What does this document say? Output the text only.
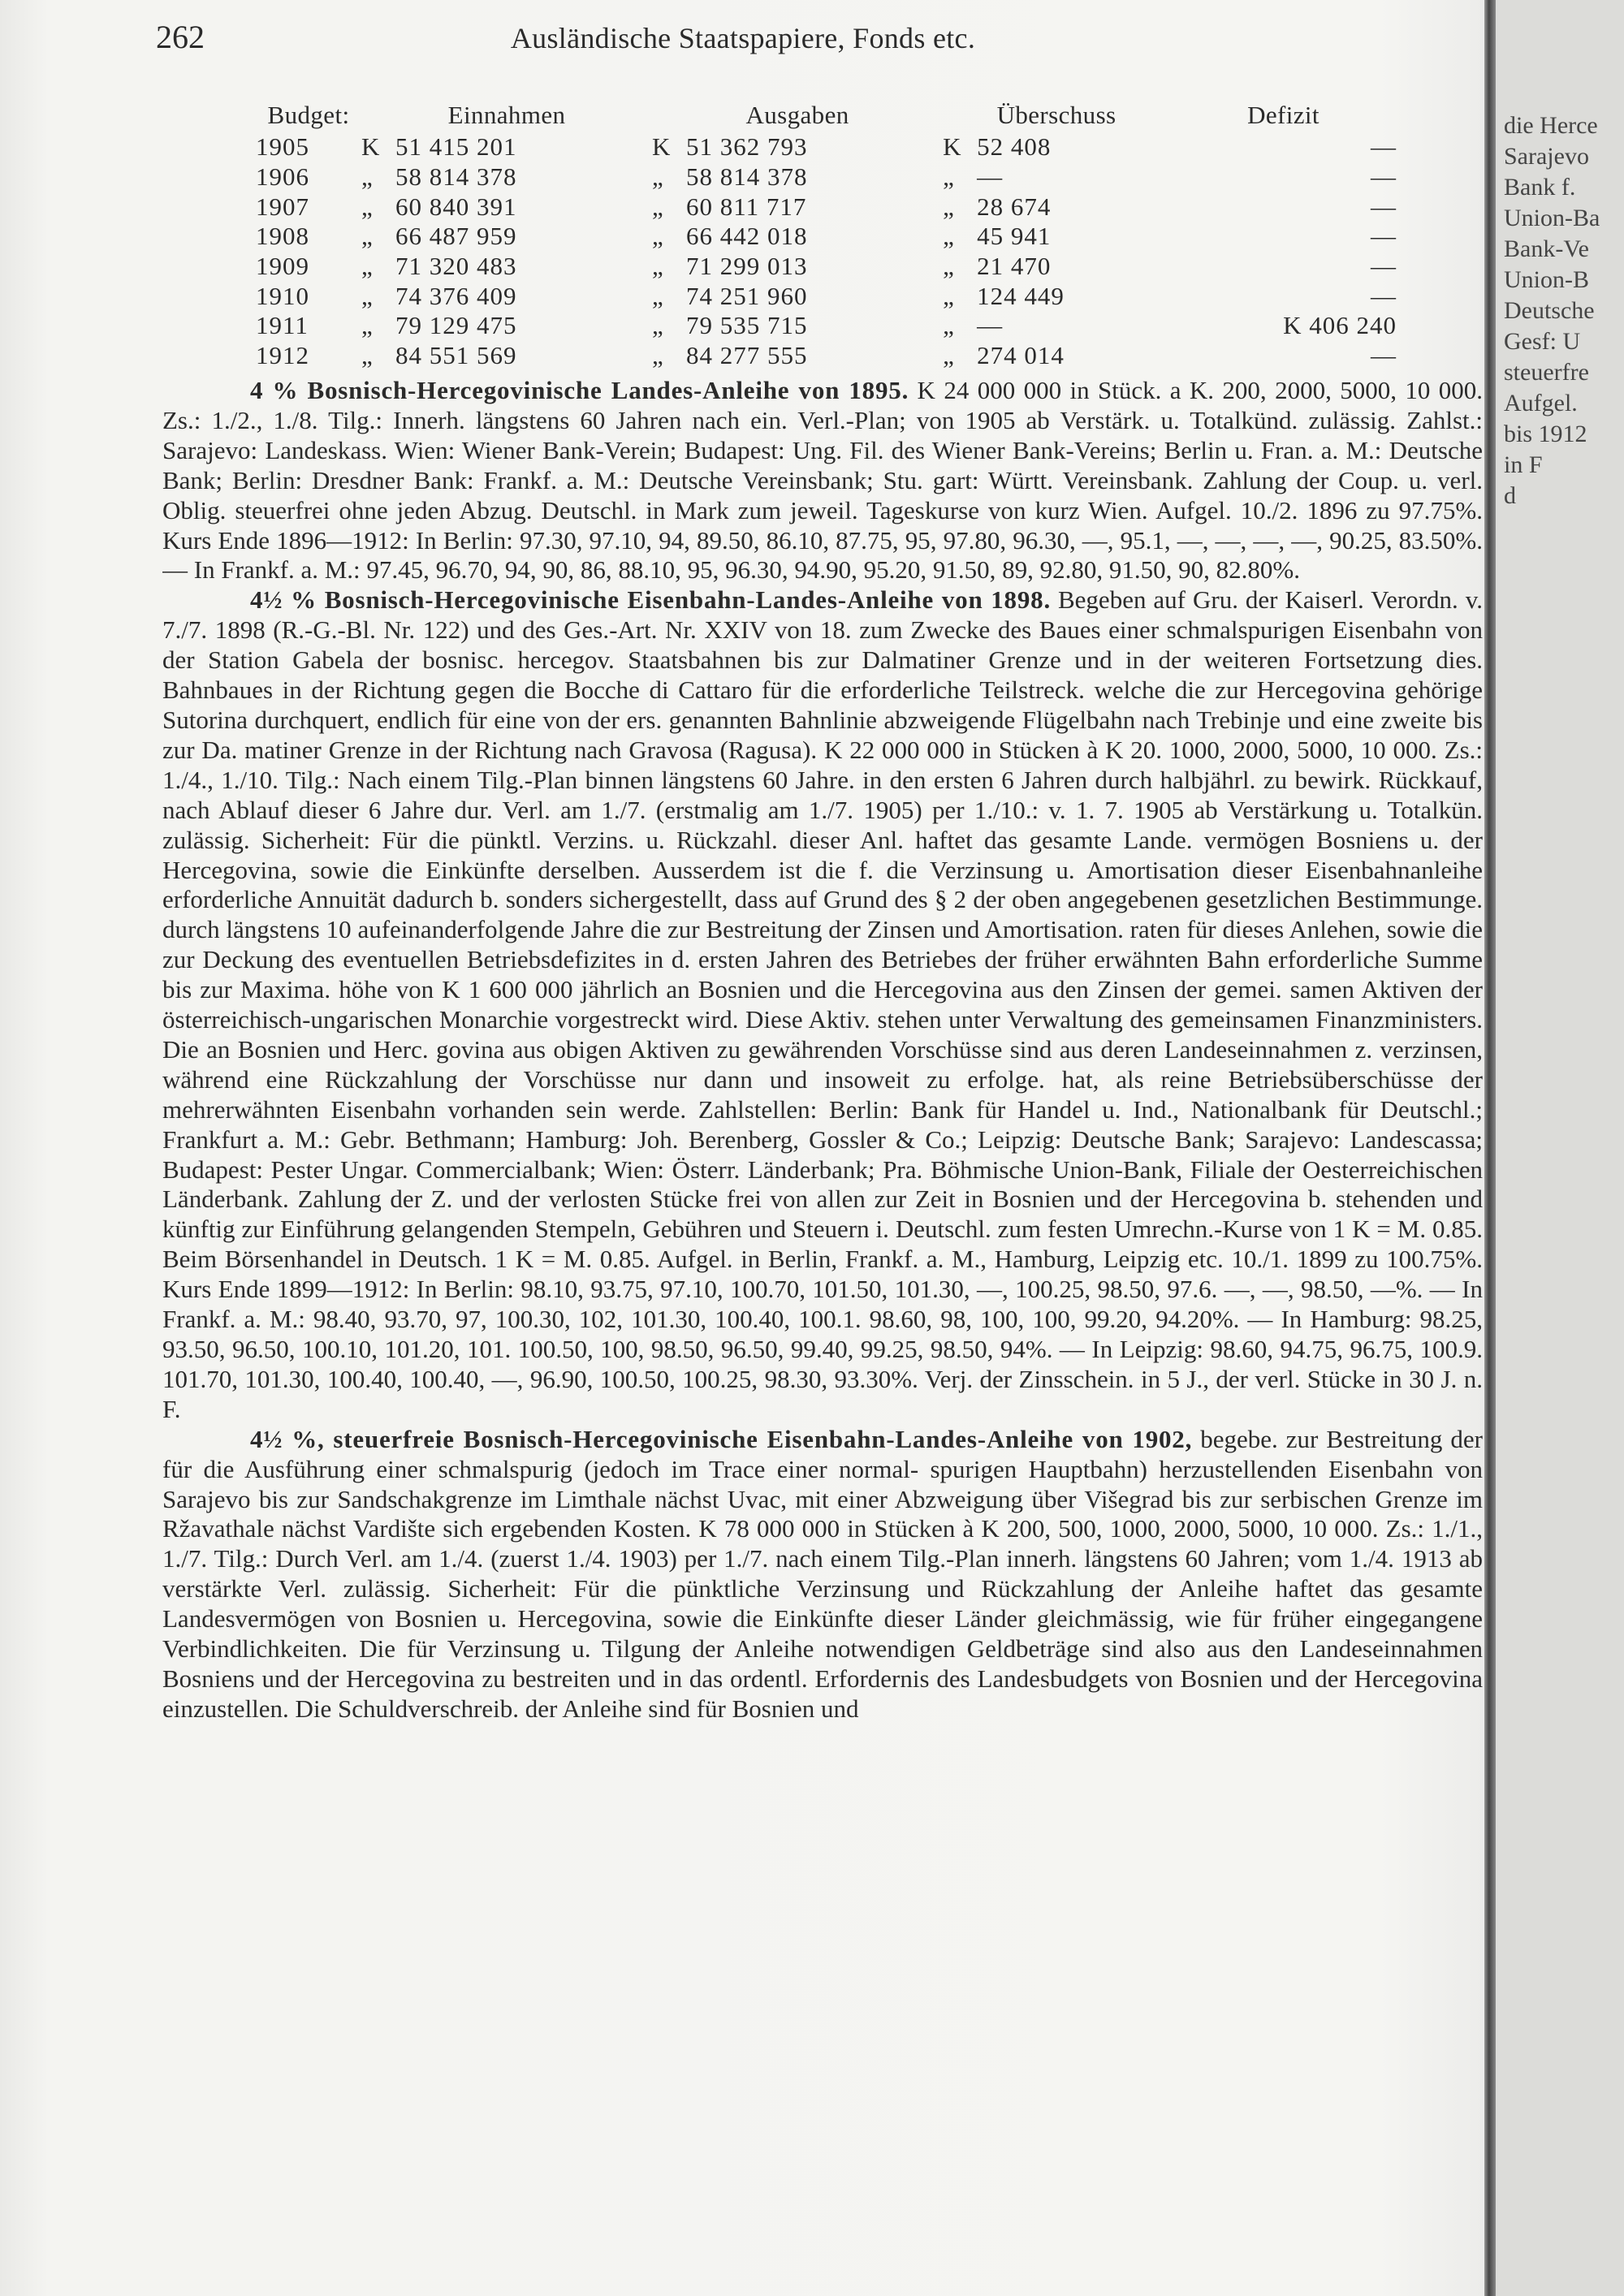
262	Ausländische Staatspapiere, Fonds etc.
Budget:	Einnahmen	Ausgaben	Überschuss	Defizit
1905	K 51 415 201	K 51 362 793	K 52 408	—
1906	„ 58 814 378	„ 58 814 378	„ —	—
1907	„ 60 840 391	„ 60 811 717	„ 28 674	—
1908	„ 66 487 959	„ 66 442 018	„ 45 941	—
1909	„ 71 320 483	„ 71 299 013	„ 21 470	—
1910	„ 74 376 409	„ 74 251 960	„ 124 449	—
1911	„ 79 129 475	„ 79 535 715	„ —	K 406 240
1912	„ 84 551 569	„ 84 277 555	„ 274 014	—

4 % Bosnisch-Hercegovinische Landes-Anleihe von 1895. K 24 000 000 in Stück. a K. 200, 2000, 5000, 10 000. Zs.: 1./2., 1./8. Tilg.: Innerh. längstens 60 Jahren nach ein. Verl.-Plan; von 1905 ab Verstärk. u. Totalkünd. zulässig. Zahlst.: Sarajevo: Landeskass. Wien: Wiener Bank-Verein; Budapest: Ung. Fil. des Wiener Bank-Vereins; Berlin u. Fran. a. M.: Deutsche Bank; Berlin: Dresdner Bank: Frankf. a. M.: Deutsche Vereinsbank; Stu. gart: Württ. Vereinsbank. Zahlung der Coup. u. verl. Oblig. steuerfrei ohne jeden Abzug. Deutschl. in Mark zum jeweil. Tageskurse von kurz Wien. Aufgel. 10./2. 1896 zu 97.75%. Kurs Ende 1896—1912: In Berlin: 97.30, 97.10, 94, 89.50, 86.10, 87.75, 95, 97.80, 96.30, —, 95.1, —, —, —, —, 90.25, 83.50%. — In Frankf. a. M.: 97.45, 96.70, 94, 90, 86, 88.10, 95, 96.30, 94.90, 95.20, 91.50, 89, 92.80, 91.50, 90, 82.80%.

4½ % Bosnisch-Hercegovinische Eisenbahn-Landes-Anleihe von 1898. Begeben auf Gru. der Kaiserl. Verordn. v. 7./7. 1898 (R.-G.-Bl. Nr. 122) und des Ges.-Art. Nr. XXIV von 18. zum Zwecke des Baues einer schmalspurigen Eisenbahn von der Station Gabela der bosnisc. hercegov. Staatsbahnen bis zur Dalmatiner Grenze und in der weiteren Fortsetzung dies. Bahnbaues in der Richtung gegen die Bocche di Cattaro für die erforderliche Teilstreck. welche die zur Hercegovina gehörige Sutorina durchquert, endlich für eine von der ers. genannten Bahnlinie abzweigende Flügelbahn nach Trebinje und eine zweite bis zur Da. matiner Grenze in der Richtung nach Gravosa (Ragusa). K 22 000 000 in Stücken à K 20. 1000, 2000, 5000, 10 000. Zs.: 1./4., 1./10. Tilg.: Nach einem Tilg.-Plan binnen längstens 60 Jahre. in den ersten 6 Jahren durch halbjährl. zu bewirk. Rückkauf, nach Ablauf dieser 6 Jahre dur. Verl. am 1./7. (erstmalig am 1./7. 1905) per 1./10.: v. 1. 7. 1905 ab Verstärkung u. Totalkün. zulässig. Sicherheit: Für die pünktl. Verzins. u. Rückzahl. dieser Anl. haftet das gesamte Lande. vermögen Bosniens u. der Hercegovina, sowie die Einkünfte derselben. Ausserdem ist die f. die Verzinsung u. Amortisation dieser Eisenbahnanleihe erforderliche Annuität dadurch b. sonders sichergestellt, dass auf Grund des § 2 der oben angegebenen gesetzlichen Bestimmunge. durch längstens 10 aufeinanderfolgende Jahre die zur Bestreitung der Zinsen und Amortisation. raten für dieses Anlehen, sowie die zur Deckung des eventuellen Betriebsdefizites in d. ersten Jahren des Betriebes der früher erwähnten Bahn erforderliche Summe bis zur Maxima. höhe von K 1 600 000 jährlich an Bosnien und die Hercegovina aus den Zinsen der gemei. samen Aktiven der österreichisch-ungarischen Monarchie vorgestreckt wird. Diese Aktiv. stehen unter Verwaltung des gemeinsamen Finanzministers. Die an Bosnien und Herc. govina aus obigen Aktiven zu gewährenden Vorschüsse sind aus deren Landeseinnahmen z. verzinsen, während eine Rückzahlung der Vorschüsse nur dann und insoweit zu erfolge. hat, als reine Betriebsüberschüsse der mehrerwähnten Eisenbahn vorhanden sein werde. Zahlstellen: Berlin: Bank für Handel u. Ind., Nationalbank für Deutschl.; Frankfurt a. M.: Gebr. Bethmann; Hamburg: Joh. Berenberg, Gossler & Co.; Leipzig: Deutsche Bank; Sarajevo: Landescassa; Budapest: Pester Ungar. Commercialbank; Wien: Österr. Länderbank; Pra. Böhmische Union-Bank, Filiale der Oesterreichischen Länderbank. Zahlung der Z. und der verlosten Stücke frei von allen zur Zeit in Bosnien und der Hercegovina b. stehenden und künftig zur Einführung gelangenden Stempeln, Gebühren und Steuern i. Deutschl. zum festen Umrechn.-Kurse von 1 K = M. 0.85. Beim Börsenhandel in Deutsch. 1 K = M. 0.85. Aufgel. in Berlin, Frankf. a. M., Hamburg, Leipzig etc. 10./1. 1899 zu 100.75%. Kurs Ende 1899—1912: In Berlin: 98.10, 93.75, 97.10, 100.70, 101.50, 101.30, —, 100.25, 98.50, 97.6. —, —, 98.50, —%. — In Frankf. a. M.: 98.40, 93.70, 97, 100.30, 102, 101.30, 100.40, 100.1. 98.60, 98, 100, 100, 99.20, 94.20%. — In Hamburg: 98.25, 93.50, 96.50, 100.10, 101.20, 101. 100.50, 100, 98.50, 96.50, 99.40, 99.25, 98.50, 94%. — In Leipzig: 98.60, 94.75, 96.75, 100.9. 101.70, 101.30, 100.40, 100.40, —, 96.90, 100.50, 100.25, 98.30, 93.30%. Verj. der Zinsschein. in 5 J., der verl. Stücke in 30 J. n. F.

4½ %, steuerfreie Bosnisch-Hercegovinische Eisenbahn-Landes-Anleihe von 1902, begebe. zur Bestreitung der für die Ausführung einer schmalspurig (jedoch im Trace einer normal- spurigen Hauptbahn) herzustellenden Eisenbahn von Sarajevo bis zur Sandschakgrenze im Limthale nächst Uvac, mit einer Abzweigung über Višegrad bis zur serbischen Grenze im Ržavathale nächst Vardište sich ergebenden Kosten. K 78 000 000 in Stücken à K 200, 500, 1000, 2000, 5000, 10 000. Zs.: 1./1., 1./7. Tilg.: Durch Verl. am 1./4. (zuerst 1./4. 1903) per 1./7. nach einem Tilg.-Plan innerh. längstens 60 Jahren; vom 1./4. 1913 ab verstärkte Verl. zulässig. Sicherheit: Für die pünktliche Verzinsung und Rückzahlung der Anleihe haftet das gesamte Landesvermögen von Bosnien u. Hercegovina, sowie die Einkünfte dieser Länder gleichmässig, wie für früher eingegangene Verbindlichkeiten. Die für Verzinsung u. Tilgung der Anleihe notwendigen Geldbeträge sind also aus den Landeseinnahmen Bosniens und der Hercegovina zu bestreiten und in das ordentl. Erfordernis des Landesbudgets von Bosnien und der Hercegovina einzustellen. Die Schuldverschreib. der Anleihe sind für Bosnien und

die Herce
Sarajevo
Bank f.
Union-Ba
Bank-Ve
Union-B
Deutsche
Gesf: U
steuerfre
Aufgel.
bis 1912
in F
d
